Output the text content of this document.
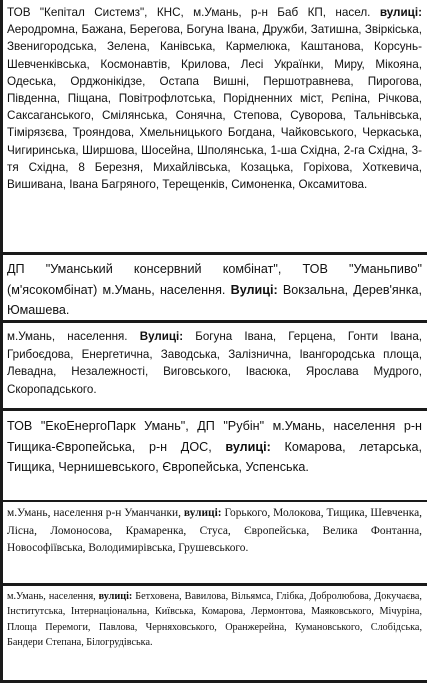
ТОВ "Кепітал Системз", КНС, м.Умань, р-н Баб КП, насел. вулиці: Аеродромна, Бажана, Берегова, Богуна Івана, Дружби, Затишна, Звіркіська, Звенигородська, Зелена, Канівська, Кармелюка, Каштанова, Корсунь-Шевченківська, Космонавтів, Крилова, Лесі Українки, Миру, Мікояна, Одеська, Орджонікідзе, Остапа Вишні, Першотравнева, Пирогова, Південна, Піщана, Повітрофлотська, Порідненних міст, Рєпіна, Річкова, Саксаганського, Смілянська, Сонячна, Степова, Суворова, Тальнівська, Тімірязєва, Трояндова, Хмельницького Богдана, Чайковського, Черкаська, Чигиринська, Ширшова, Шосейна, Шполянська, 1-ша Східна, 2-га Східна, 3-тя Східна, 8 Березня, Михайлівська, Козацька, Горіхова, Хоткевича, Вишивана, Івана Багряного, Терещенків, Симоненка, Оксамитова.
ДП "Уманський консервний комбінат", ТОВ "Уманьпиво" (м'ясокомбінат) м.Умань, населення. Вулиці: Вокзальна, Дерев'янка, Юмашева.
м.Умань, населення. Вулиці: Богуна Івана, Герцена, Гонти Івана, Грибоєдова, Енергетична, Заводська, Залізнична, Івангородська площа, Левадна, Незалежності, Виговського, Івасюка, Ярослава Мудрого, Скоропадського.
ТОВ "ЕкоЕнергоПарк Умань", ДП "Рубін" м.Умань, населення р-н Тищика-Європейська, р-н ДОС, вулиці: Комарова, летарська, Тищика, Чернишевського, Європейська, Успенська.
м.Умань, населення р-н Уманчанки, вулиці: Горького, Молокова, Тищика, Шевченка, Лісна, Ломоносова, Крамаренка, Стуса, Європейська, Велика Фонтанна, Новософіївська, Володимирівська, Грушевського.
м.Умань, населення, вулиці: Бетховена, Вавилова, Вільямса, Глібка, Добролюбова, Докучаєва, Інститутська, Інтернаціональна, Київська, Комарова, Лермонтова, Маяковського, Мічуріна, Площа Перемоги, Павлова, Черняховського, Оранжерейна, Кумановського, Слобідська, Бандери Степана, Білогрудівська.
